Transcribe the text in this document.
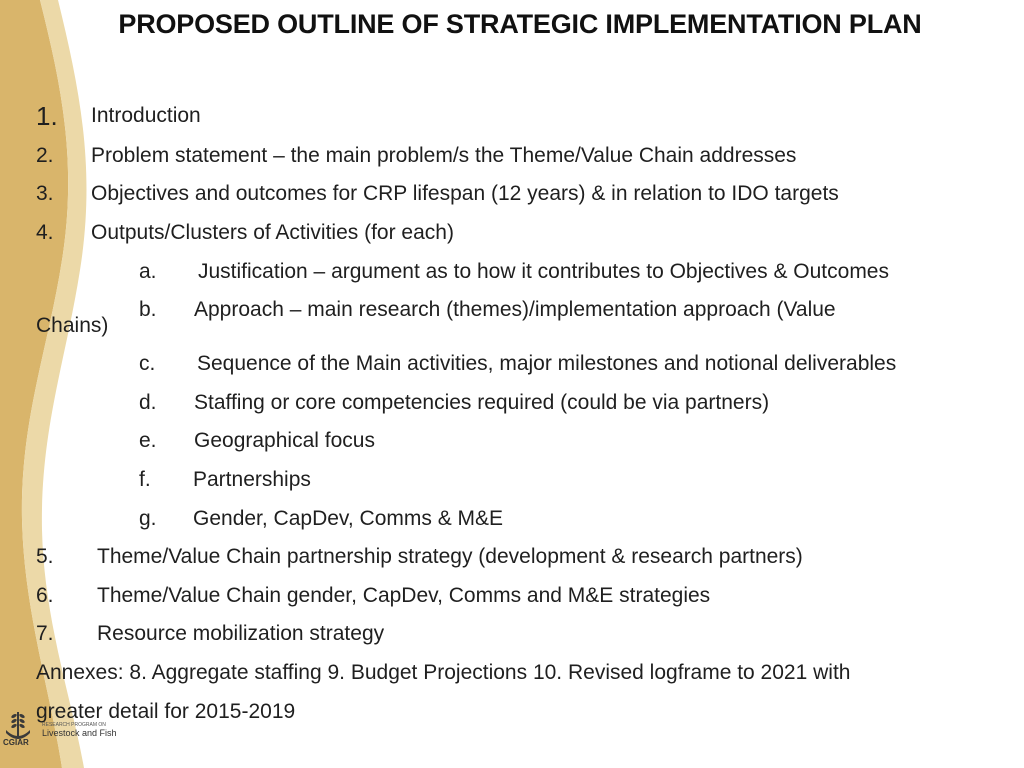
PROPOSED OUTLINE OF STRATEGIC IMPLEMENTATION PLAN
1. Introduction
2. Problem statement – the main problem/s the Theme/Value Chain addresses
3. Objectives and outcomes for CRP lifespan (12 years) & in relation to IDO targets
4. Outputs/Clusters of Activities (for each)
a. Justification – argument as to how it contributes to Objectives & Outcomes
b. Approach – main research (themes)/implementation approach (Value
Chains)
c. Sequence of the Main activities, major milestones and notional deliverables
d. Staffing or core competencies required (could be via partners)
e. Geographical focus
f. Partnerships
g. Gender, CapDev, Comms & M&E
5. Theme/Value Chain partnership strategy (development & research partners)
6. Theme/Value Chain gender, CapDev, Comms and M&E strategies
7. Resource mobilization strategy
Annexes: 8. Aggregate staffing 9. Budget Projections 10. Revised logframe to 2021 with
greater detail for 2015-2019
RESEARCH PROGRAM ON
Livestock and Fish
CGIAR
